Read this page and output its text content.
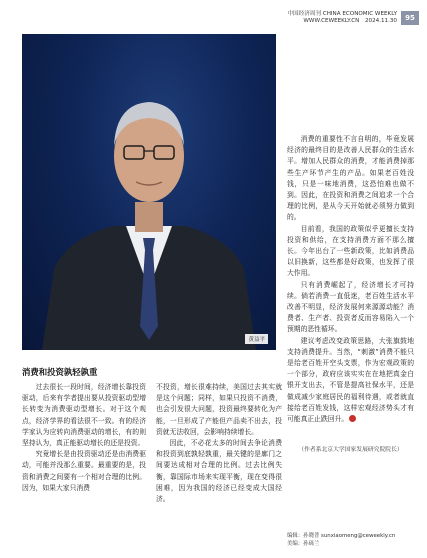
中国经济周刊 CHINA ECONOMIC WEEKLY
WWW.CEWEEKLY.CN　2024.11.30	95
黄益平
消费和投资孰轻孰重

过去很长一段时间，经济增长靠投资驱动，后来有学者提出要从投资驱动型增长转变为消费驱动型增长。对于这个观点，经济学界的看法很不一致。有的经济学家认为应转向消费驱动的增长，有的则坚持认为，真正能驱动增长的还是投资。

究竟增长是由投资驱动还是由消费驱动，可能并没那么重要。最重要的是，投资和消费之间要有一个相对合理的比例。因为，如果大家只消费

不投资，增长很难持续，美国过去其实就是这个问题；同样，如果只投资不消费，也会引发很大问题，投资最终要转化为产能，一旦形成了产能但产品卖不出去，投资就无法收回，会影响持续增长。

因此，不必花太多的时间去争论消费和投资到底孰轻孰重，最关键的是廓门之间要达成相对合理的比例。过去比例失衡，靠国际市场来实现平衡，现在变得很困难，因为我国的经济已经变成大国经济。

消费的重要性不言自明的，毕竟发展经济的最终目的是改善人民群众的生活水平。增加人民群众的消费，才能消费掉那些生产环节产生的产品。如果老百姓没钱，只是一味地消费，这恐怕难也做不到。因此，在投资和消费之间追求一个合理的比例，是从今天开始就必须努力做到的。

目前看，我国的政策似乎更擅长支持投资和供给，在支持消费方面不那么擅长。今年出台了一些新政策，比如消费品以旧换新，这些都是好政策，也发挥了很大作用。

只有消费崛起了，经济增长才可持续。倘若消费一直低迷，老百姓生活水平改善不明显，经济发展何来源源动能？消费者、生产者、投资者反而容易陷入一个预期的恶性循环。

建议考虑改变政策思路，大张旗鼓地支持消费提升。当然，“刺激”消费不能只是给老百姓开空头支票，作为宏观政策的一个部分，政府应该实实在在地把真金白银开支出去，不管是提高社保水平，还是做成减少家庭居民的福利待遇，或者就直接给老百姓发钱，这样宏观经济势头才有可能真正止跌回升。

（作者系北京大学国家发展研究院院长）
编辑：孙晓普 sunxiaomeng@ceweekly.cn
美编：孙砾兰
